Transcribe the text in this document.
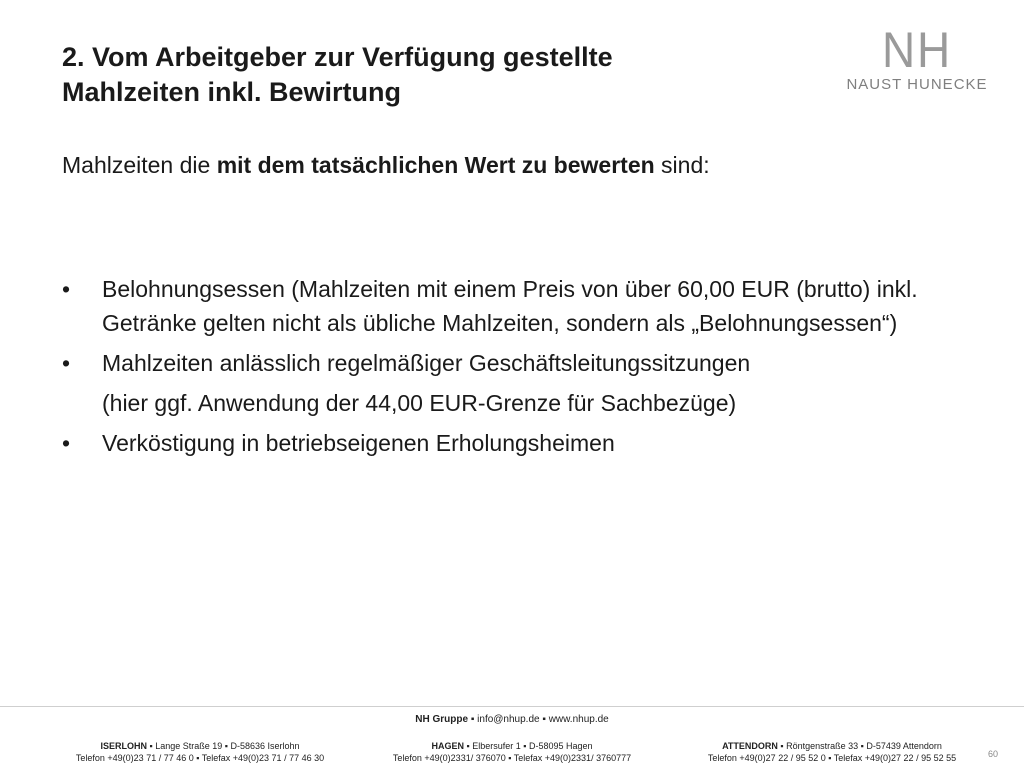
2. Vom Arbeitgeber zur Verfügung gestellte
Mahlzeiten inkl. Bewirtung
NH
NAUST HUNECKE

Mahlzeiten die mit dem tatsächlichen Wert zu bewerten sind:

•	Belohnungsessen (Mahlzeiten mit einem Preis von über 60,00 EUR (brutto) inkl. Getränke gelten nicht als übliche Mahlzeiten, sondern als „Belohnungsessen“)

•	Mahlzeiten anlässlich regelmäßiger Geschäftsleitungssitzungen

(hier ggf. Anwendung der 44,00 EUR-Grenze für Sachbezüge)

•	Verköstigung in betriebseigenen Erholungsheimen

NH Gruppe ▪ info@nhup.de ▪ www.nhup.de
ISERLOHN ▪ Lange Straße 19 ▪ D-58636 Iserlohn
Telefon +49(0)23 71 / 77 46 0 ▪ Telefax +49(0)23 71 / 77 46 30
HAGEN ▪ Elbersufer 1 ▪ D-58095 Hagen
Telefon +49(0)2331/ 376070 ▪ Telefax +49(0)2331/ 3760777
ATTENDORN ▪ Röntgenstraße 33 ▪ D-57439 Attendorn
Telefon +49(0)27 22 / 95 52 0 ▪ Telefax +49(0)27 22 / 95 52 55	60
